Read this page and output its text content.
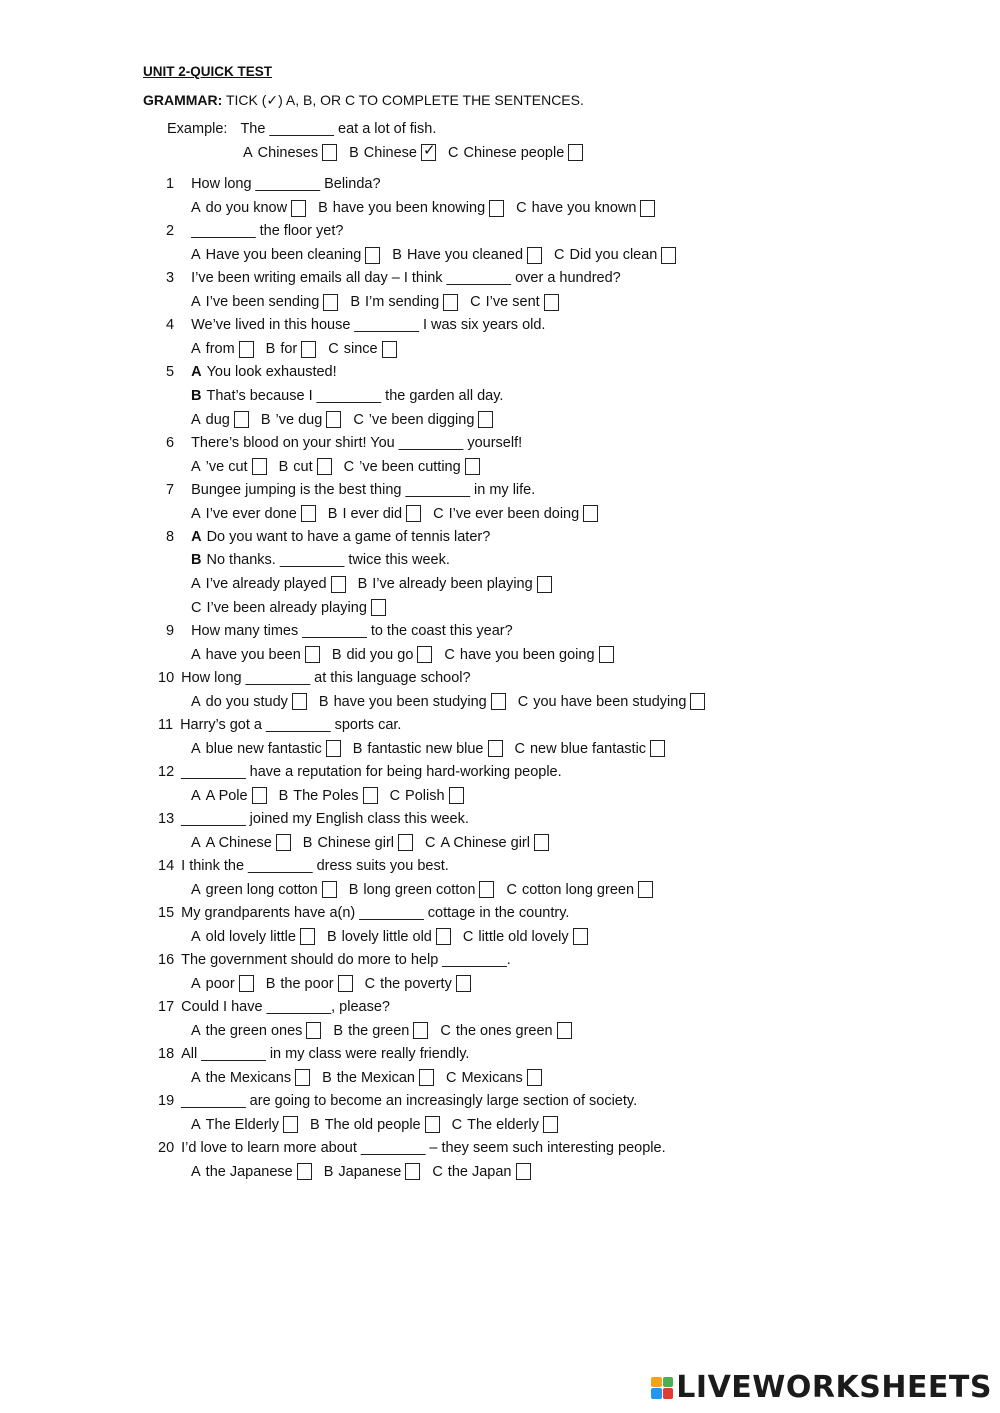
UNIT 2-QUICK TEST
GRAMMAR: TICK (✓) A, B, OR C TO COMPLETE THE SENTENCES.
Example: The ________ eat a lot of fish.
A Chineses B Chinese ✓ C Chinese people
1 How long ________ Belinda?
A do you know B have you been knowing C have you known
2 ________ the floor yet?
A Have you been cleaning B Have you cleaned C Did you clean
3 I’ve been writing emails all day – I think ________ over a hundred?
A I’ve been sending B I’m sending C I’ve sent
4 We’ve lived in this house ________ I was six years old.
A from B for C since
5 A You look exhausted!
B That’s because I ________ the garden all day.
A dug B ’ve dug C ’ve been digging
6 There’s blood on your shirt! You ________ yourself!
A ’ve cut B cut C ’ve been cutting
7 Bungee jumping is the best thing ________ in my life.
A I’ve ever done B I ever did C I’ve ever been doing
8 A Do you want to have a game of tennis later?
B No thanks. ________ twice this week.
A I’ve already played B I’ve already been playing
C I’ve been already playing
9 How many times ________ to the coast this year?
A have you been B did you go C have you been going
10 How long ________ at this language school?
A do you study B have you been studying C you have been studying
11 Harry’s got a ________ sports car.
A blue new fantastic B fantastic new blue C new blue fantastic
12 ________ have a reputation for being hard-working people.
A A Pole B The Poles C Polish
13 ________ joined my English class this week.
A A Chinese B Chinese girl C A Chinese girl
14 I think the ________ dress suits you best.
A green long cotton B long green cotton C cotton long green
15 My grandparents have a(n) ________ cottage in the country.
A old lovely little B lovely little old C little old lovely
16 The government should do more to help ________.
A poor B the poor C the poverty
17 Could I have ________, please?
A the green ones B the green C the ones green
18 All ________ in my class were really friendly.
A the Mexicans B the Mexican C Mexicans
19 ________ are going to become an increasingly large section of society.
A The Elderly B The old people C The elderly
20 I’d love to learn more about ________ – they seem such interesting people.
A the Japanese B Japanese C the Japan
LIVEWORKSHEETS
